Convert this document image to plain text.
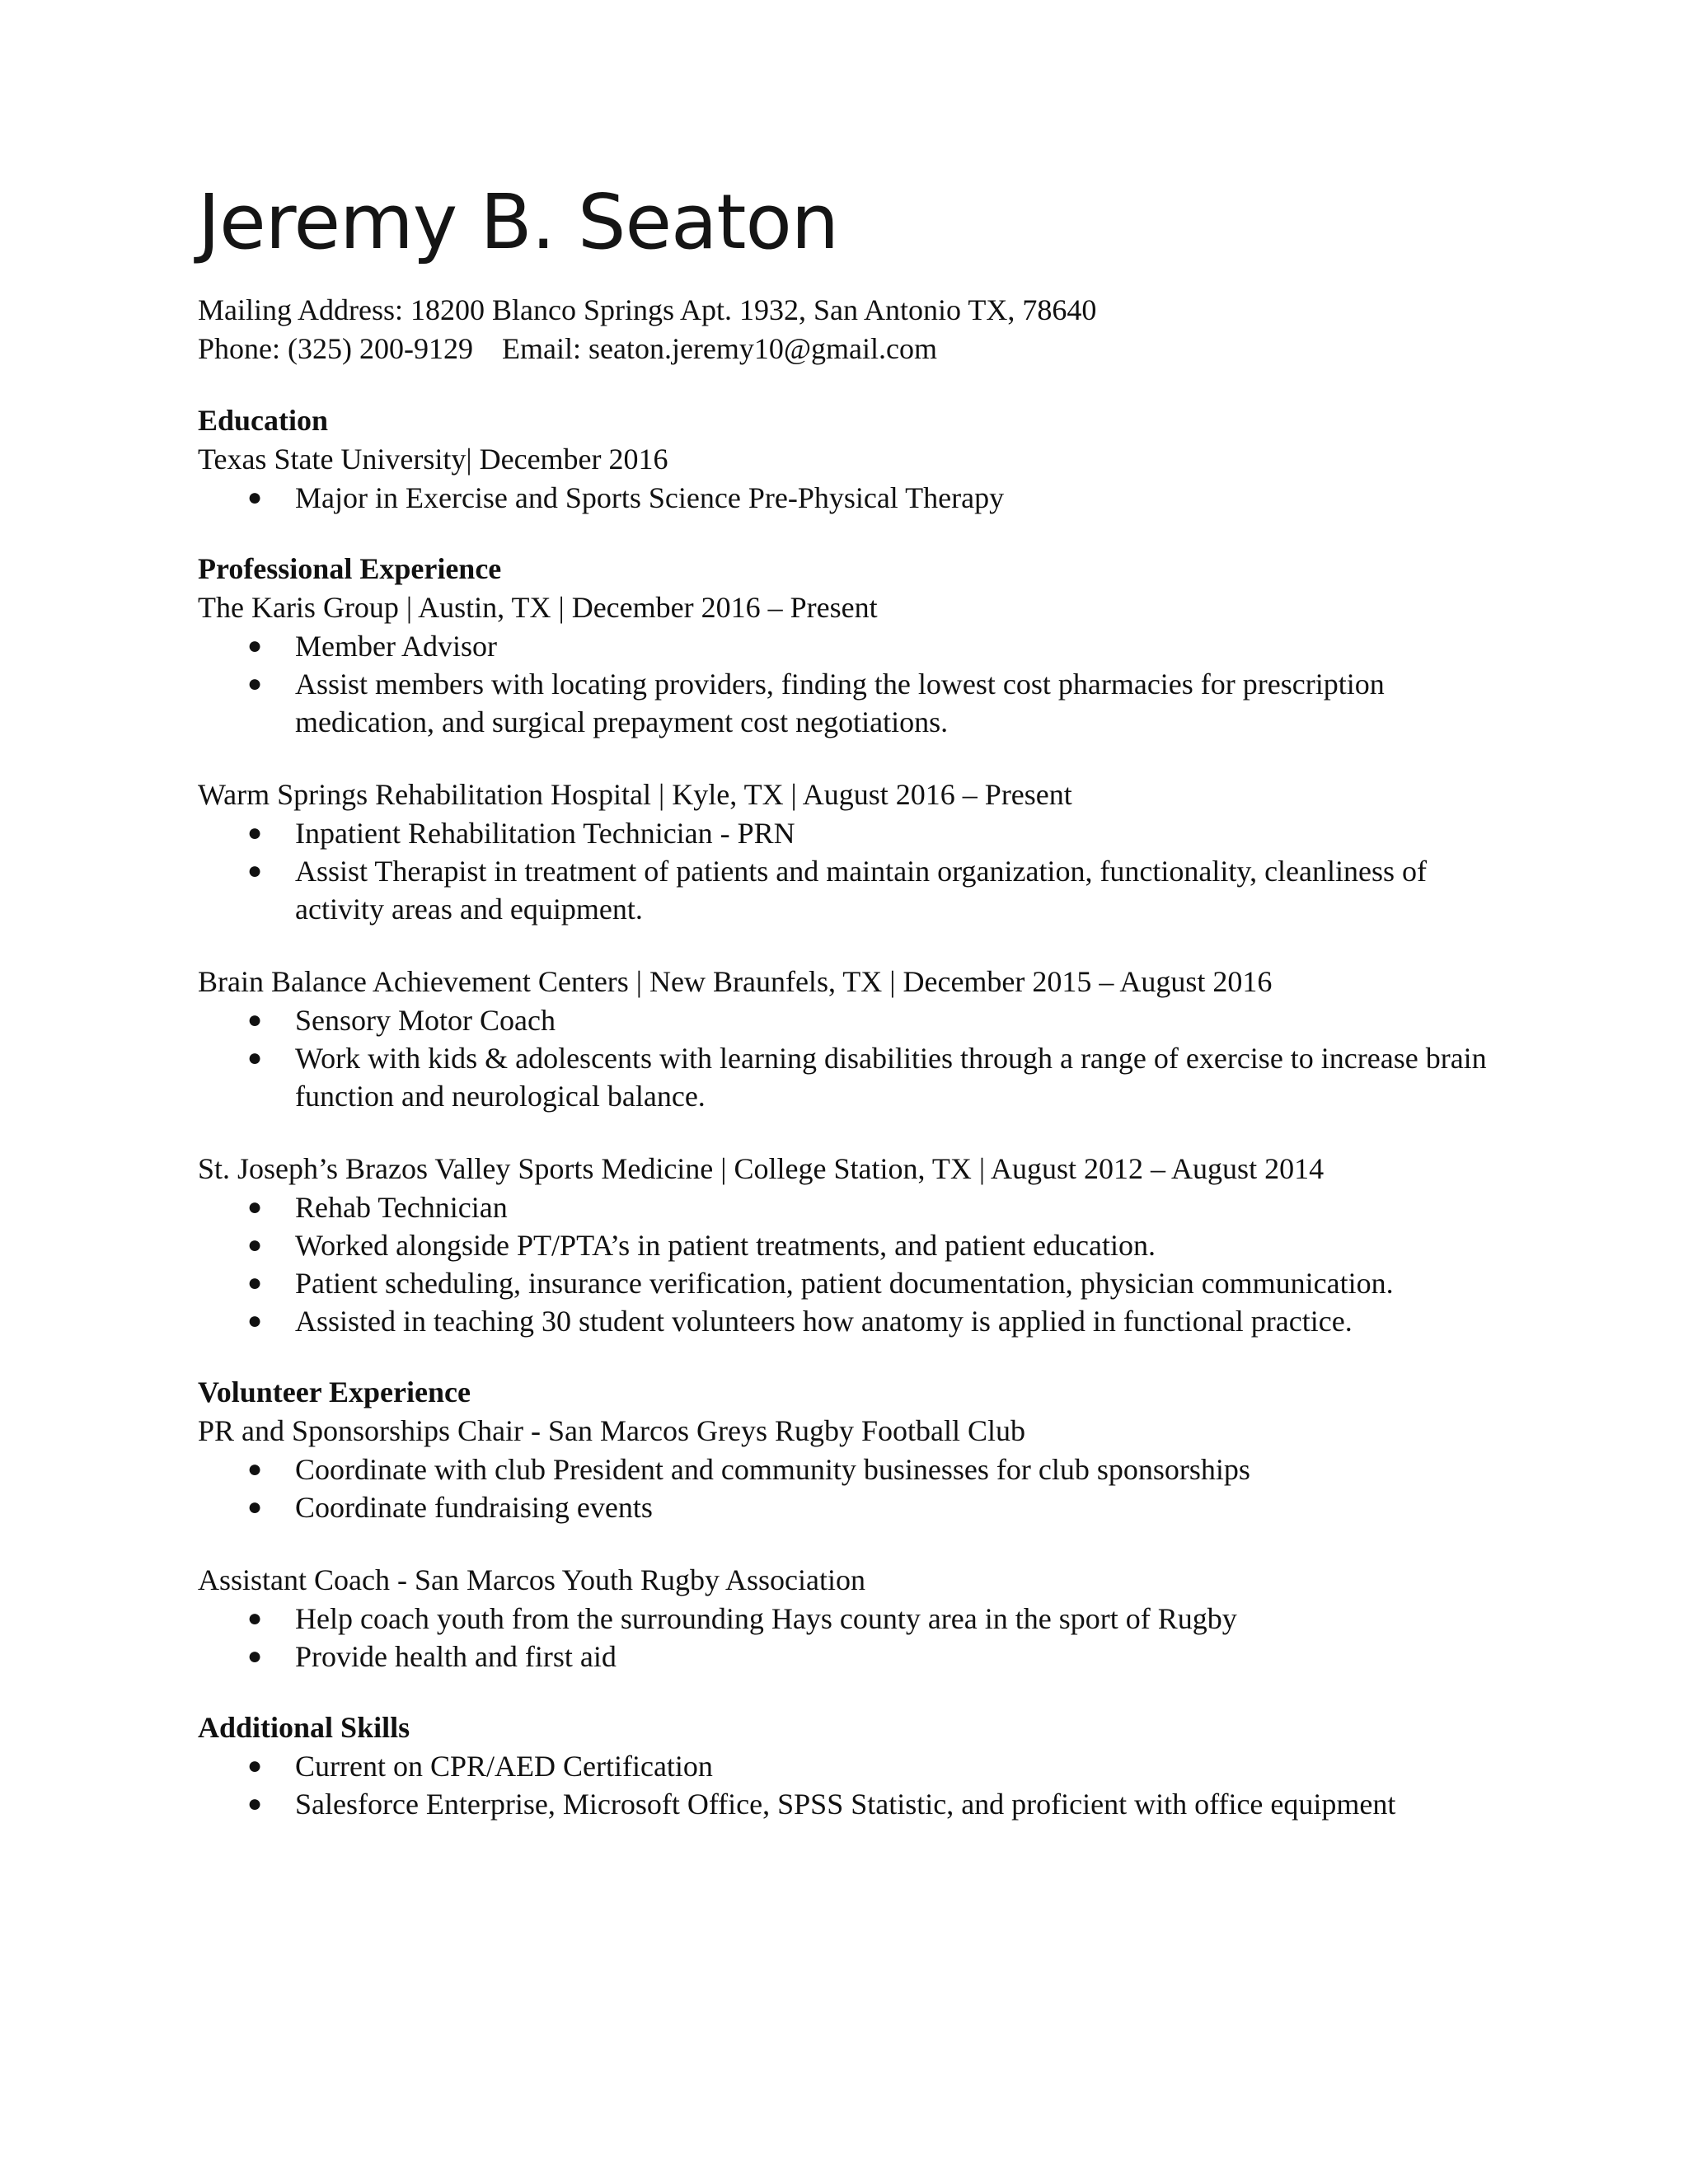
Jeremy B. Seaton
Mailing Address: 18200 Blanco Springs Apt. 1932, San Antonio TX, 78640
Phone: (325) 200-9129 Email: seaton.jeremy10@gmail.com
Education
Texas State University| December 2016
● Major in Exercise and Sports Science Pre-Physical Therapy
Professional Experience
The Karis Group | Austin, TX | December 2016 – Present
● Member Advisor
● Assist members with locating providers, finding the lowest cost pharmacies for prescription medication, and surgical prepayment cost negotiations.
Warm Springs Rehabilitation Hospital | Kyle, TX | August 2016 – Present
● Inpatient Rehabilitation Technician - PRN
● Assist Therapist in treatment of patients and maintain organization, functionality, cleanliness of activity areas and equipment.
Brain Balance Achievement Centers | New Braunfels, TX | December 2015 – August 2016
● Sensory Motor Coach
● Work with kids & adolescents with learning disabilities through a range of exercise to increase brain function and neurological balance.
St. Joseph’s Brazos Valley Sports Medicine | College Station, TX | August 2012 – August 2014
● Rehab Technician
● Worked alongside PT/PTA’s in patient treatments, and patient education.
● Patient scheduling, insurance verification, patient documentation, physician communication.
● Assisted in teaching 30 student volunteers how anatomy is applied in functional practice.
Volunteer Experience
PR and Sponsorships Chair - San Marcos Greys Rugby Football Club
● Coordinate with club President and community businesses for club sponsorships
● Coordinate fundraising events
Assistant Coach - San Marcos Youth Rugby Association
● Help coach youth from the surrounding Hays county area in the sport of Rugby
● Provide health and first aid
Additional Skills
● Current on CPR/AED Certification
● Salesforce Enterprise, Microsoft Office, SPSS Statistic, and proficient with office equipment
